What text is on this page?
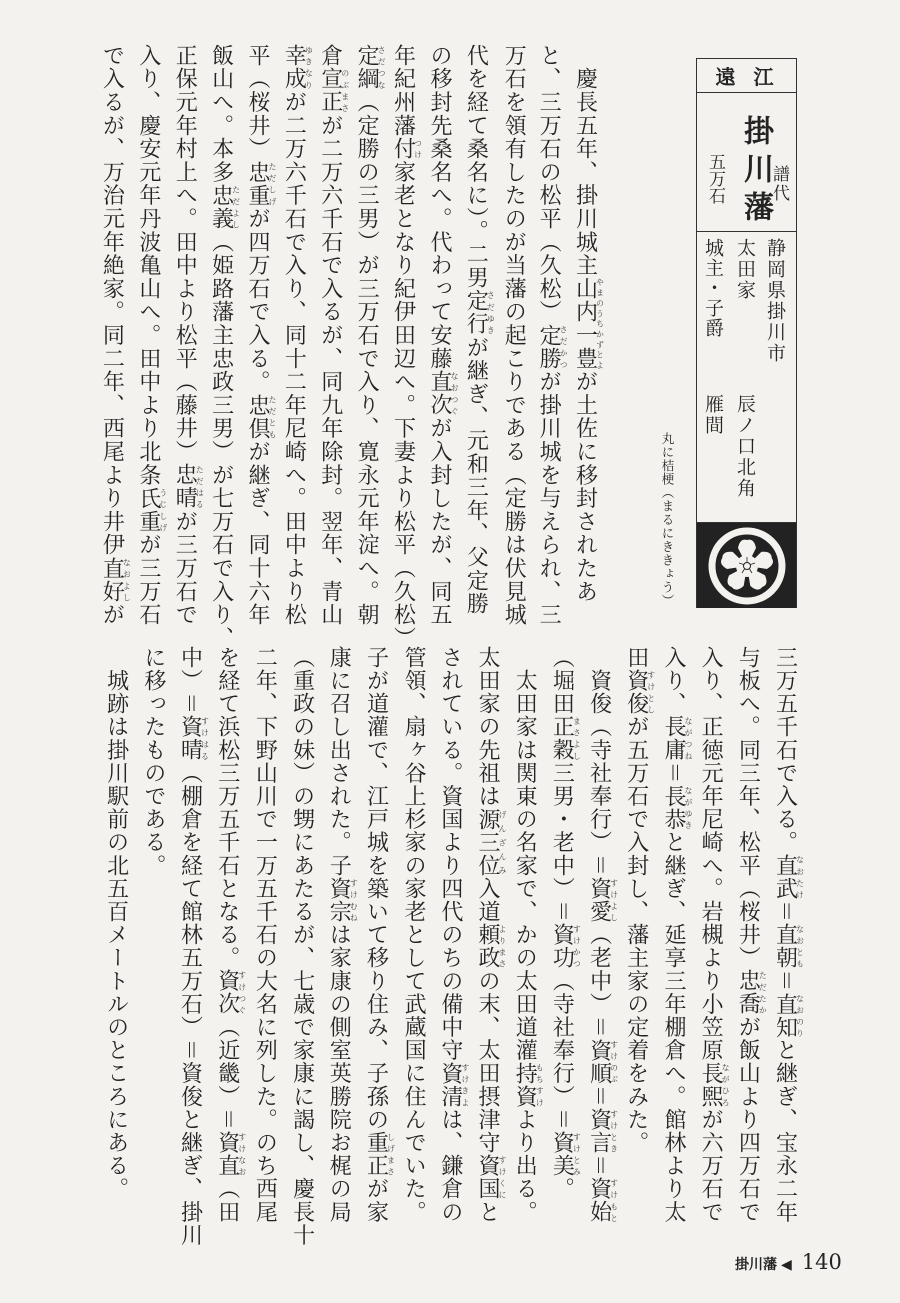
遠江
掛川藩
譜代
五万石
静岡県掛川市
太田家
辰ノ口北角
城主・子爵
雁間
丸に桔梗（まるにききょう）
　慶長五年、掛川城主山内一豊やまのうちかずとよが土佐に移封されたあ
と、三万石の松平（久松）定勝さだかつが掛川城を与えられ、三
万石を領有したのが当藩の起こりである（定勝は伏見城
代を経て桑名に）。二男定行さだゆきが継ぎ、元和三年、父定勝
の移封先桑名へ。代わって安藤直次なおつぐが入封したが、同五
年紀州藩付つけ家老となり紀伊田辺へ。下妻より松平（久松）
定綱さだつな（定勝の三男）が三万石で入り、寛永元年淀へ。朝
倉宣正のぶまさが二万六千石で入るが、同九年除封。翌年、青山
幸成ゆきなりが二万六千石で入り、同十二年尼崎へ。田中より松
平（桜井）忠重ただしげが四万石で入る。忠倶ただともが継ぎ、同十六年
飯山へ。本多忠義ただよし（姫路藩主忠政三男）が七万石で入り、
正保元年村上へ。田中より松平（藤井）忠晴ただはるが三万石で
入り、慶安元年丹波亀山へ。田中より北条氏重うじしげが三万石
で入るが、万治元年絶家。同二年、西尾より井伊直好なおよしが
三万五千石で入る。直武なおたけ＝直朝なおとも＝直知なおのりと継ぎ、宝永二年
与板へ。同三年、松平（桜井）忠喬ただたかが飯山より四万石で
入り、正徳元年尼崎へ。岩槻より小笠原長煕ながひろが六万石で
入り、長庸ながつね＝長恭ながゆきと継ぎ、延享三年棚倉へ。館林より太
田資俊すけとしが五万石で入封し、藩主家の定着をみた。
　資俊（寺社奉行）＝資愛すけよし（老中）＝資順すけのぶ＝資言すけとき＝資始すけもと
（堀田正穀まさよし三男・老中）＝資功すけかつ（寺社奉行）＝資美すけとみ。
　太田家は関東の名家で、かの太田道灌持資もちすけより出る。
太田家の先祖は源三位げんざんみ入道頼政よりまさの末、太田摂津守資国すけくにと
されている。資国より四代のちの備中守資清すけきよは、鎌倉の
管領、扇ヶ谷上杉家の家老として武蔵国に住んでいた。
子が道灌で、江戸城を築いて移り住み、子孫の重正しげまさが家
康に召し出された。子資宗すけむねは家康の側室英勝院お梶の局
（重政の妹）の甥にあたるが、七歳で家康に謁し、慶長十
二年、下野山川で一万五千石の大名に列した。のち西尾
を経て浜松三万五千石となる。資次すけつぐ（近畿）＝資直すけなお（田
中）＝資晴すけはる（棚倉を経て館林五万石）＝資俊と継ぎ、掛川
に移ったものである。
　城跡は掛川駅前の北五百メートルのところにある。
掛川藩 ◀ 140
